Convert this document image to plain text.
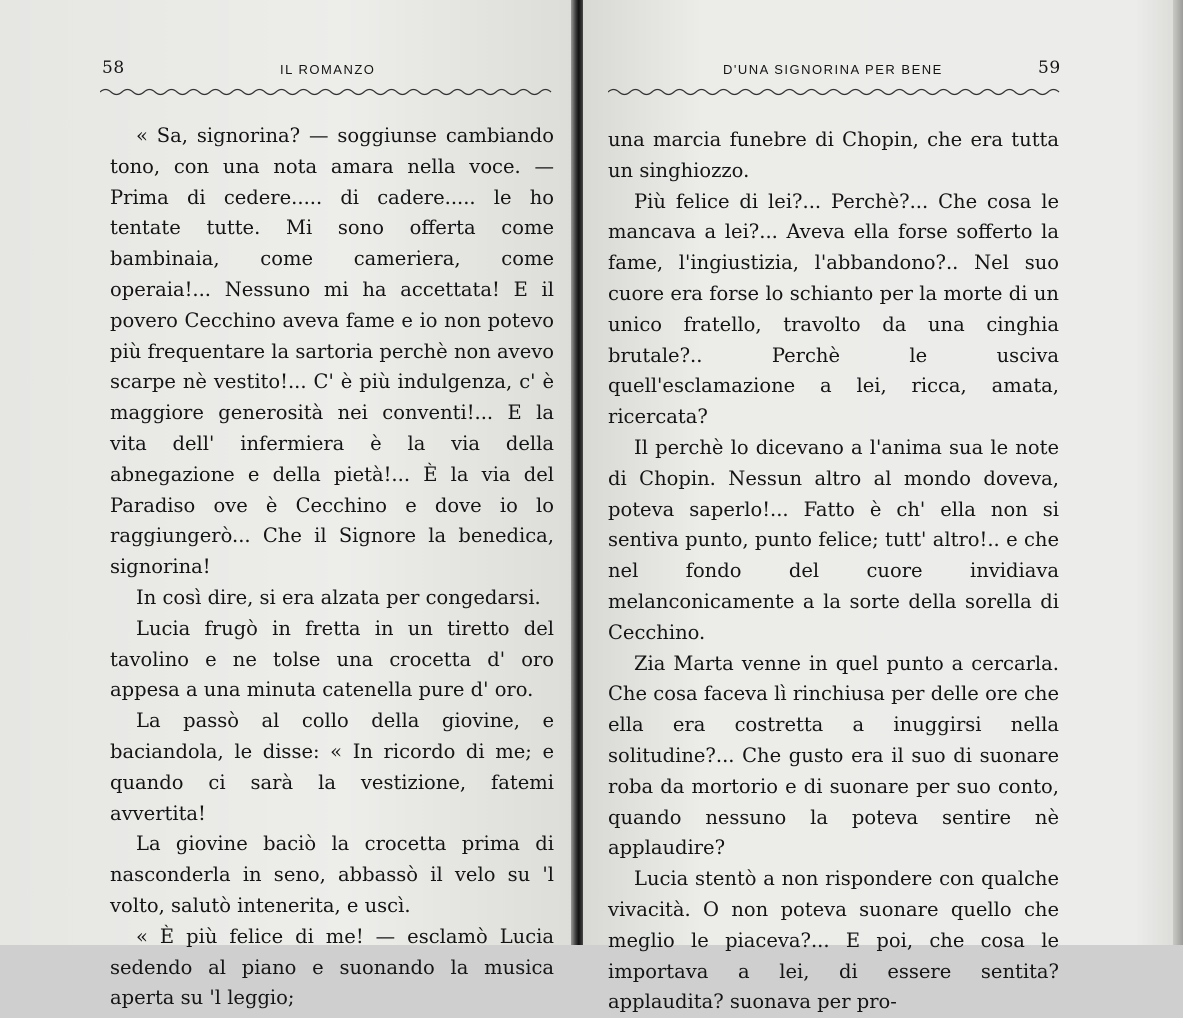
58	IL ROMANZO

« Sa, signorina? — soggiunse cambiando tono, con una nota amara nella voce. — Prima di cedere..... di cadere..... le ho tentate tutte. Mi sono offerta come bambinaia, come cameriera, come operaia!... Nessuno mi ha accettata! E il povero Cecchino aveva fame e io non potevo più frequentare la sartoria perchè non avevo scarpe nè vestito!... C' è più indulgenza, c' è maggiore generosità nei conventi!... E la vita dell' infermiera è la via della abnegazione e della pietà!... È la via del Paradiso ove è Cecchino e dove io lo raggiungerò... Che il Signore la benedica, signorina!

In così dire, si era alzata per congedarsi.

Lucia frugò in fretta in un tiretto del tavolino e ne tolse una crocetta d' oro appesa a una minuta catenella pure d' oro.

La passò al collo della giovine, e baciandola, le disse: « In ricordo di me; e quando ci sarà la vestizione, fatemi avvertita!

La giovine baciò la crocetta prima di nasconderla in seno, abbassò il velo su 'l volto, salutò intenerita, e uscì.

« È più felice di me! — esclamò Lucia sedendo al piano e suonando la musica aperta su 'l leggio;

D'UNA SIGNORINA PER BENE	59

una marcia funebre di Chopin, che era tutta un singhiozzo.

Più felice di lei?... Perchè?... Che cosa le mancava a lei?... Aveva ella forse sofferto la fame, l'ingiustizia, l'abbandono?.. Nel suo cuore era forse lo schianto per la morte di un unico fratello, travolto da una cinghia brutale?.. Perchè le usciva quell'esclamazione a lei, ricca, amata, ricercata?

Il perchè lo dicevano a l'anima sua le note di Chopin. Nessun altro al mondo doveva, poteva saperlo!... Fatto è ch' ella non si sentiva punto, punto felice; tutt' altro!.. e che nel fondo del cuore invidiava melanconicamente a la sorte della sorella di Cecchino.

Zia Marta venne in quel punto a cercarla. Che cosa faceva lì rinchiusa per delle ore che ella era costretta a inuggirsi nella solitudine?... Che gusto era il suo di suonare roba da mortorio e di suonare per suo conto, quando nessuno la poteva sentire nè applaudire?

Lucia stentò a non rispondere con qualche vivacità. O non poteva suonare quello che meglio le piaceva?... E poi, che cosa le importava a lei, di essere sentita? applaudita? suonava per pro-
